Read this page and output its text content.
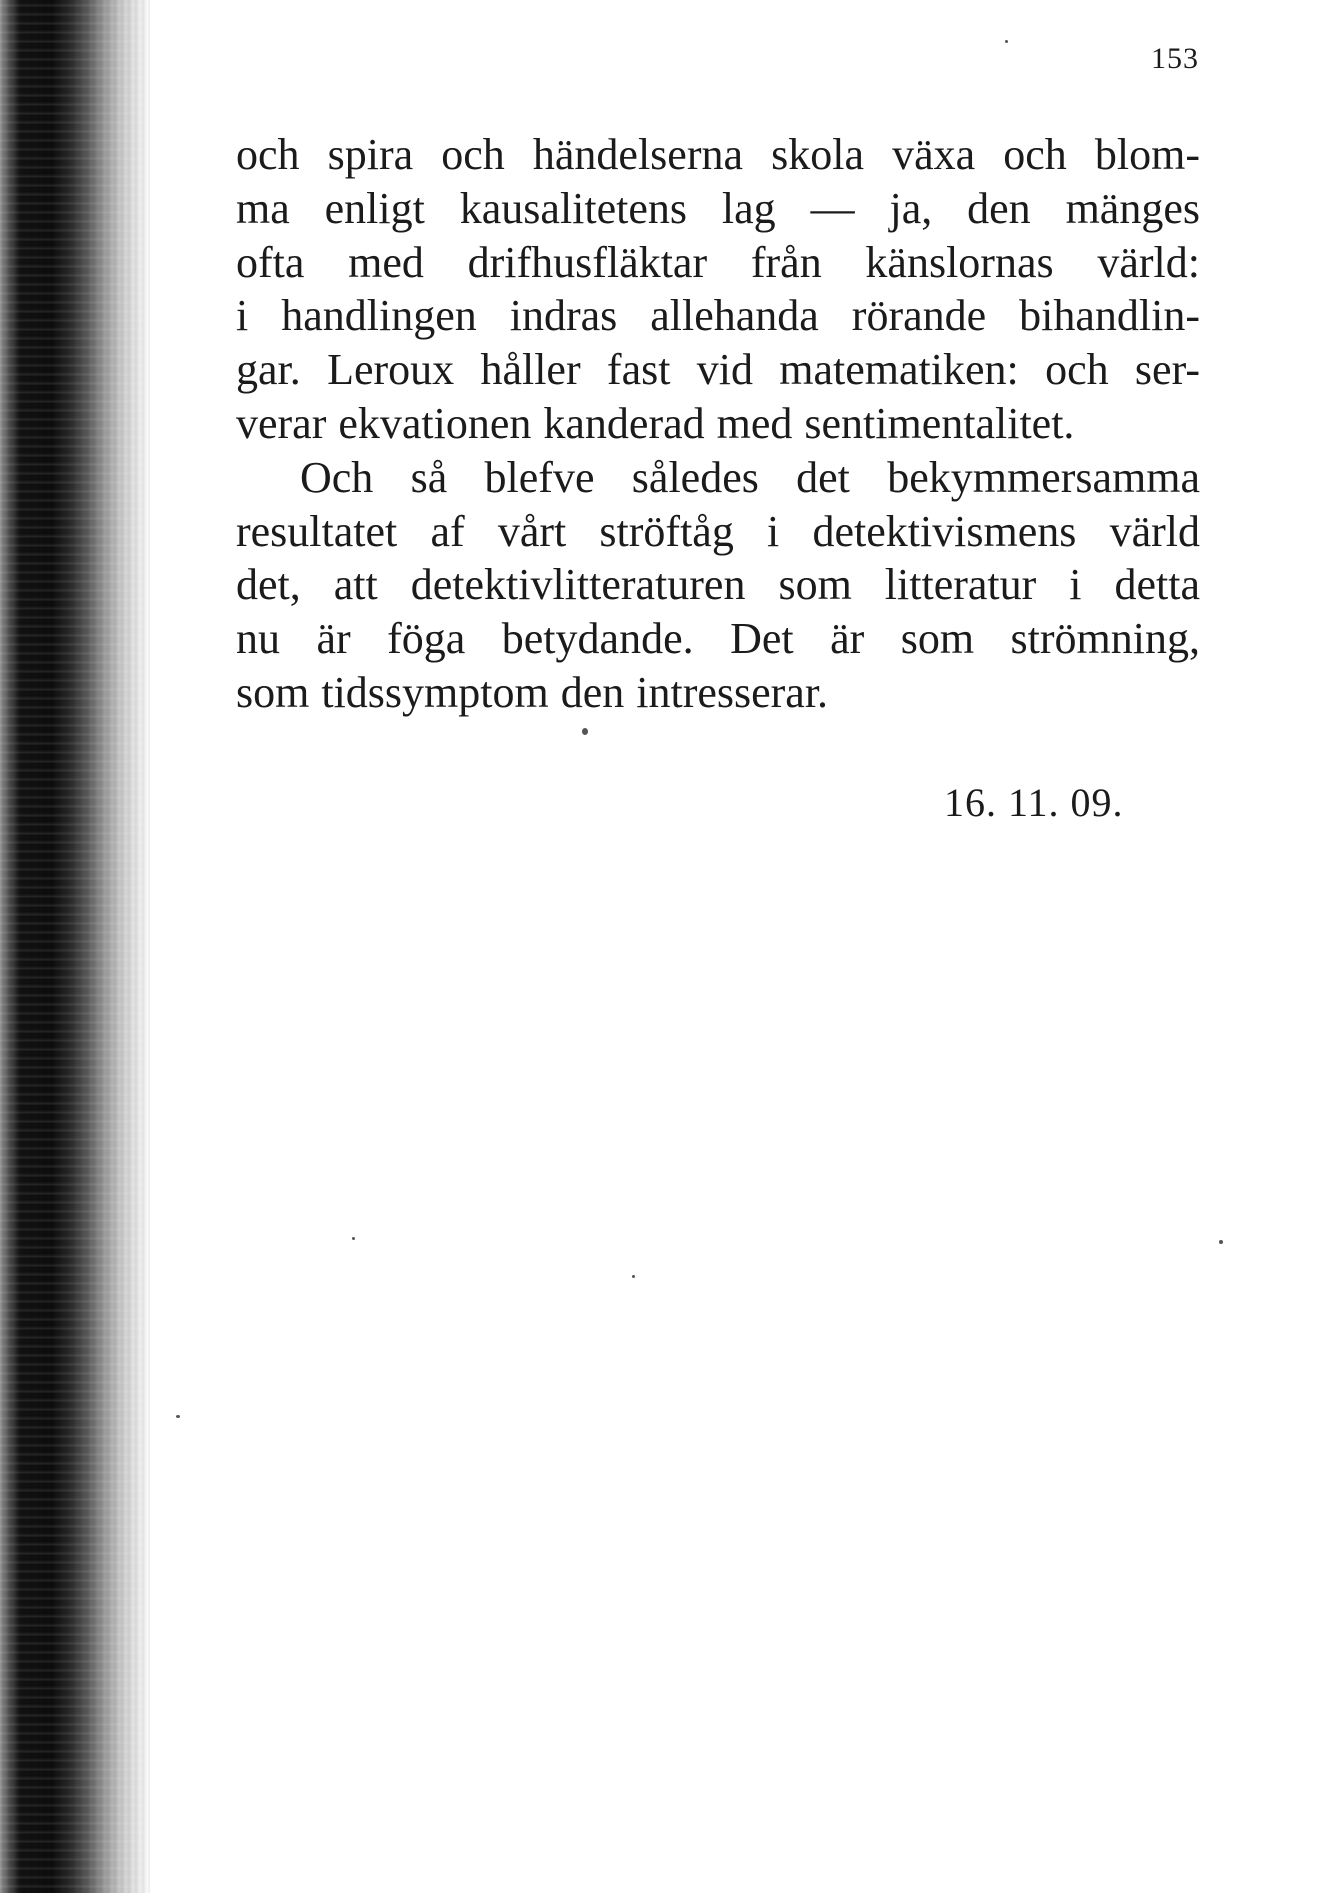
153
och spira och händelserna skola växa och blom-
ma enligt kausalitetens lag — ja, den mänges
ofta med drifhusfläktar från känslornas värld:
i handlingen indras allehanda rörande bihandlin-
gar. Leroux håller fast vid matematiken: och ser-
verar ekvationen kanderad med sentimentalitet.
Och så blefve således det bekymmersamma
resultatet af vårt ströftåg i detektivismens värld
det, att detektivlitteraturen som litteratur i detta
nu är föga betydande. Det är som strömning,
som tidssymptom den intresserar.
16. 11. 09.
